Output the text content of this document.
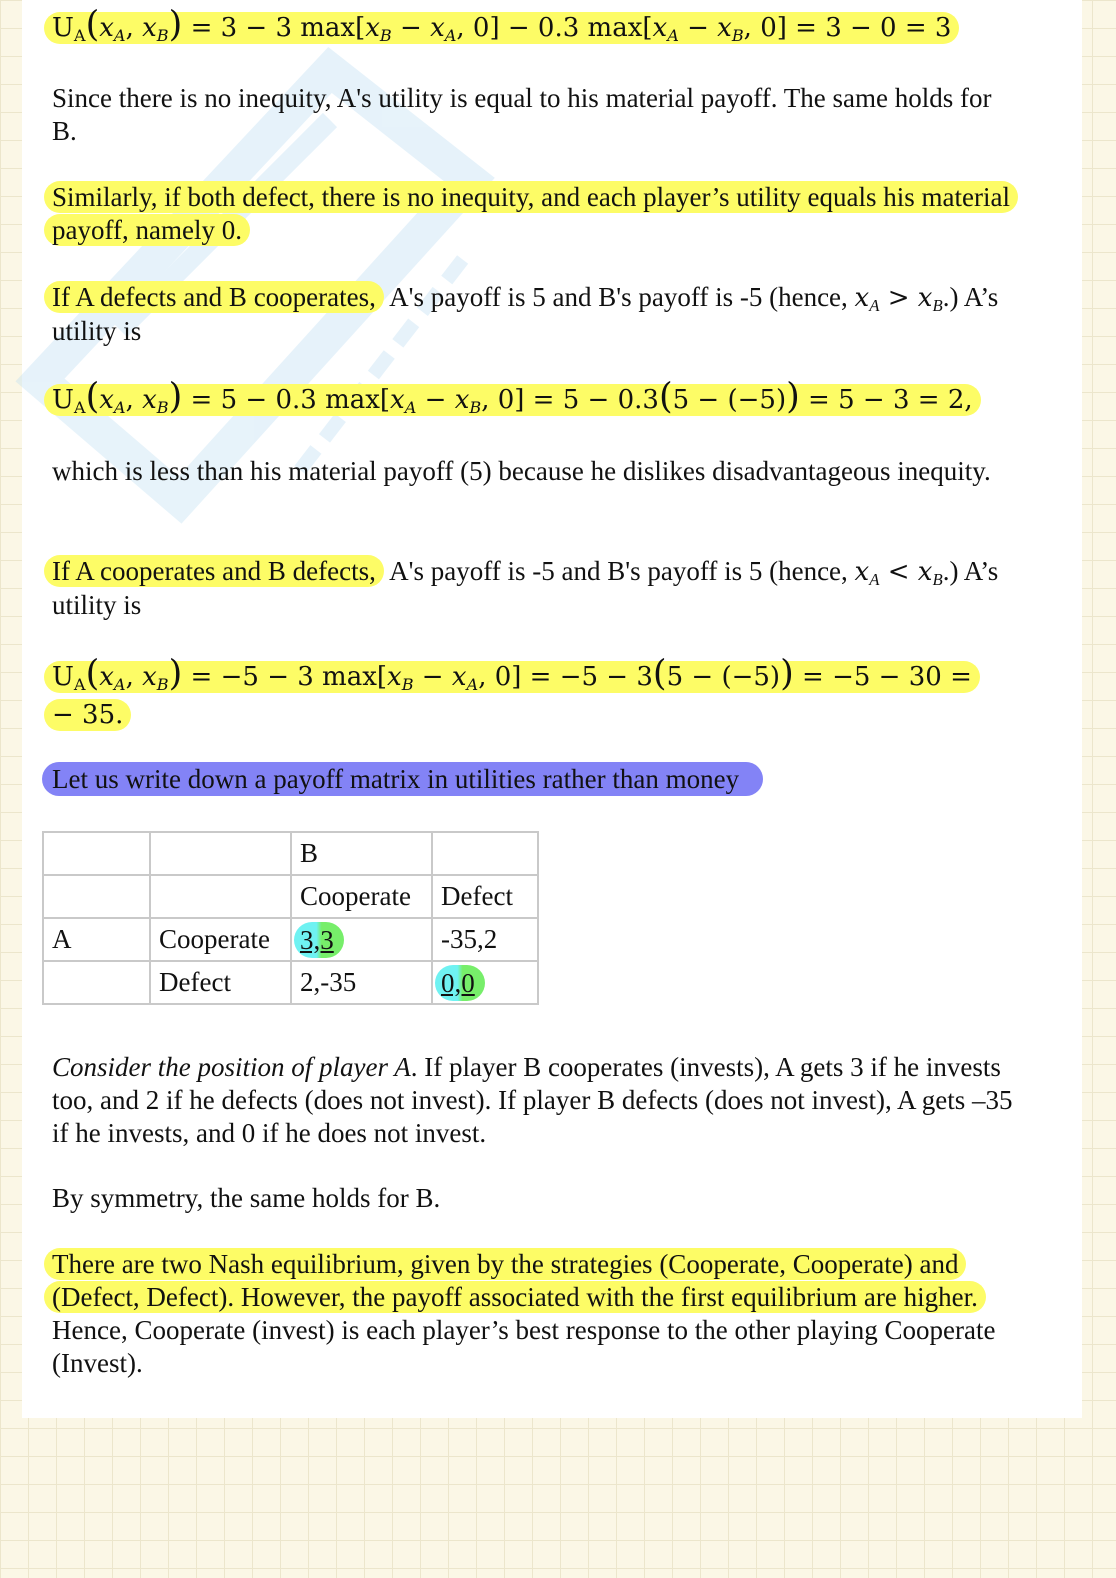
$U_A(x_A$, $x_B) = 3 - 3$ $\max[x_B - x_A$, 0] − 0.3 $\max[x_A - x_B$, 0] = 3 − 0 = 3

Since there is no inequity, A's utility is equal to his material payoff. The same holds for B.

Similarly, if both defect, there is no inequity, and each player’s utility equals his material payoff, namely 0.

If A defects and B cooperates, A's payoff is 5 and B's payoff is -5 (hence, $x_A > x_B$.) A’s utility is

$U_A(x_A$, $x_B) = 5 - 0.3$ $\max[x_A - x_B$, 0] = 5 − 0.3(5 − (−5)) = 5 − 3 = 2,

which is less than his material payoff (5) because he dislikes disadvantageous inequity.

If A cooperates and B defects, A's payoff is -5 and B's payoff is 5 (hence, $x_A < x_B$.) A’s utility is

$U_A(x_A$, $x_B) = -5 - 3$ $\max[x_B - x_A$, 0] = −5 − 3(5 − (−5)) = −5 − 30 =
− 35.

Let us write down a payoff matrix in utilities rather than money

		B	
		Cooperate	Defect
A	Cooperate	3,3	-35,2
	Defect	2,-35	0,0

Consider the position of player A. If player B cooperates (invests), A gets 3 if he invests too, and 2 if he defects (does not invest). If player B defects (does not invest), A gets –35 if he invests, and 0 if he does not invest.

By symmetry, the same holds for B.

There are two Nash equilibrium, given by the strategies (Cooperate, Cooperate) and (Defect, Defect). However, the payoff associated with the first equilibrium are higher. Hence, Cooperate (invest) is each player’s best response to the other playing Cooperate (Invest).
